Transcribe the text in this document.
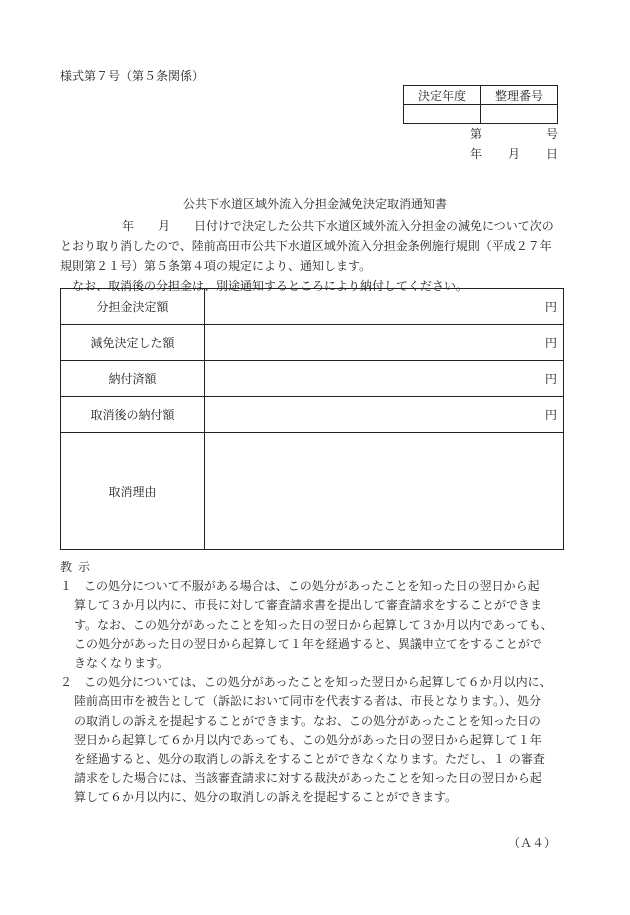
様式第７号（第５条関係）
決定年度	整理番号

第	号
年 月 日
公共下水道区域外流入分担金減免決定取消通知書
年　　月　　日付けで決定した公共下水道区域外流入分担金の減免について次の
とおり取り消したので、陸前高田市公共下水道区域外流入分担金条例施行規則（平成２７年
規則第２１号）第５条第４項の規定により、通知します。
なお、取消後の分担金は、別途通知するところにより納付してください。
分担金決定額	円
減免決定した額	円
納付済額	円
取消後の納付額	円
取消理由	
教示
１　この処分について不服がある場合は、この処分があったことを知った日の翌日から起
算して３か月以内に、市長に対して審査請求書を提出して審査請求をすることができま
す。なお、この処分があったことを知った日の翌日から起算して３か月以内であっても、
この処分があった日の翌日から起算して１年を経過すると、異議申立てをすることがで
きなくなります。
２　この処分については、この処分があったことを知った翌日から起算して６か月以内に、
陸前高田市を被告として（訴訟において同市を代表する者は、市長となります。）、処分
の取消しの訴えを提起することができます。なお、この処分があったことを知った日の
翌日から起算して６か月以内であっても、この処分があった日の翌日から起算して１年
を経過すると、処分の取消しの訴えをすることができなくなります。ただし、１ の審査
請求をした場合には、当該審査請求に対する裁決があったことを知った日の翌日から起
算して６か月以内に、処分の取消しの訴えを提起することができます。
（Ａ４）
